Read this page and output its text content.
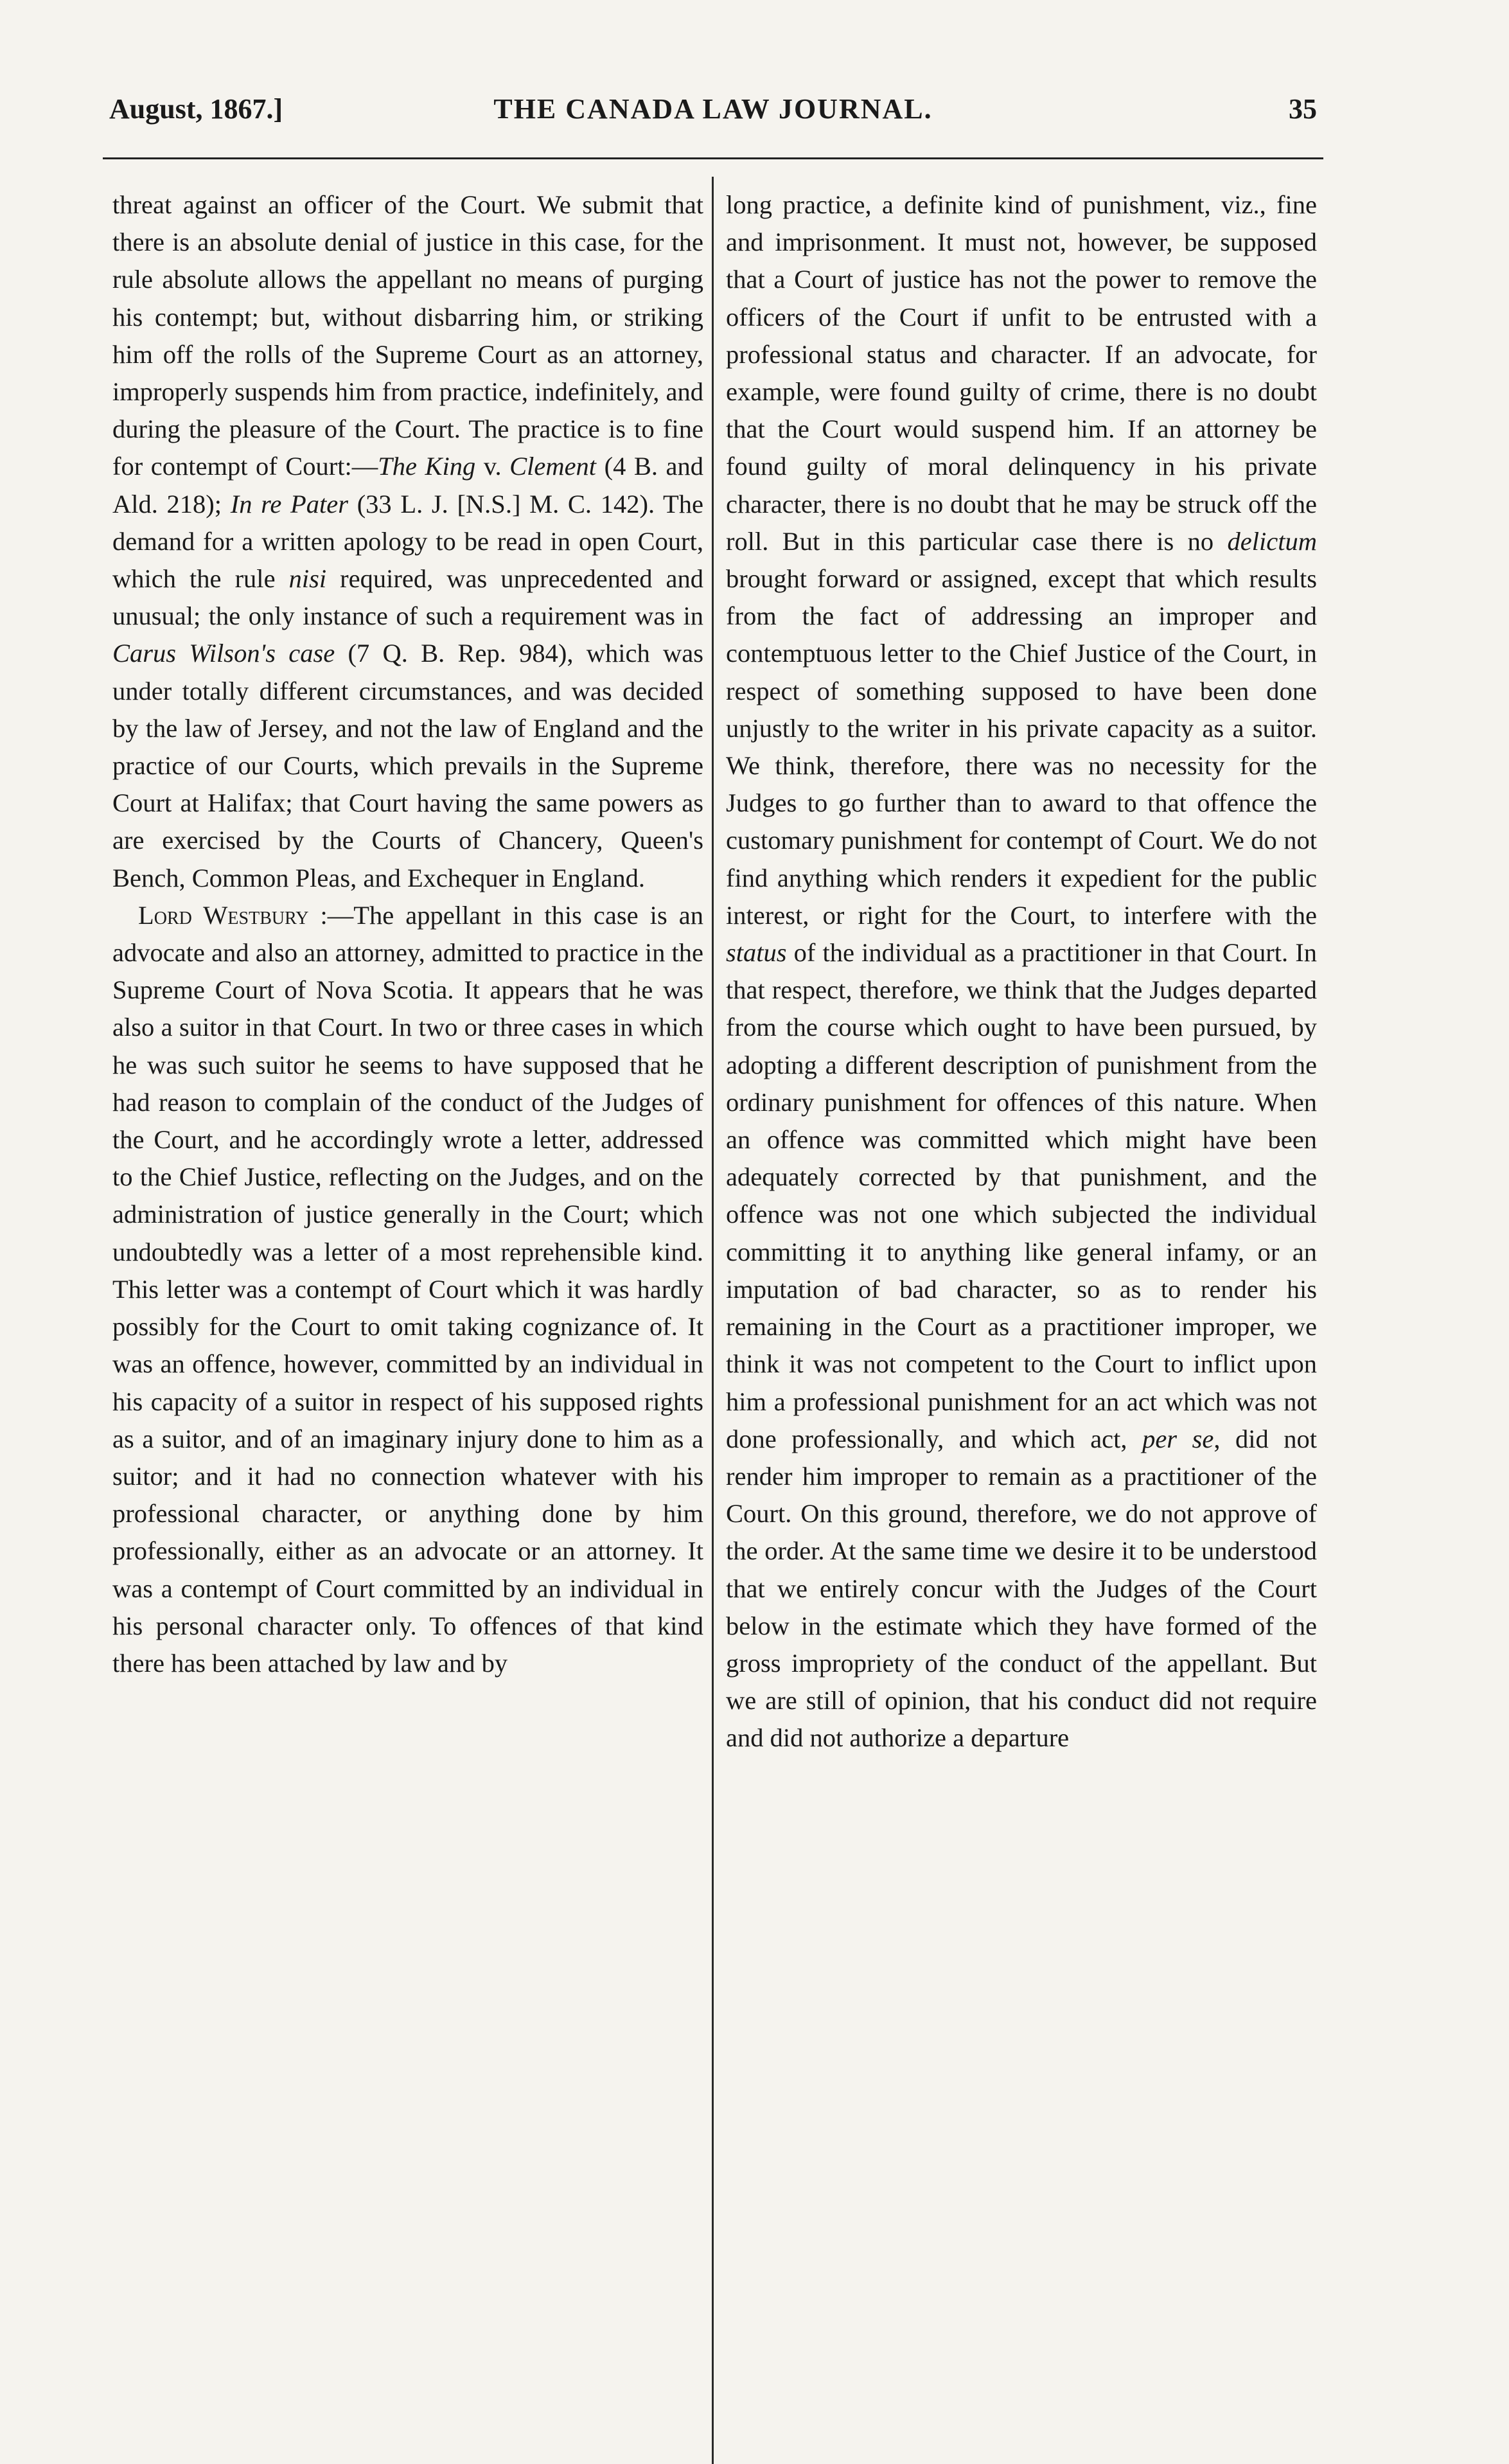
THE CANADA LAW JOURNAL.
August, 1867.]	35

threat against an officer of the Court. We submit that there is an absolute denial of justice in this case, for the rule absolute allows the appellant no means of purging his contempt; but, without disbarring him, or striking him off the rolls of the Supreme Court as an attorney, improperly suspends him from practice, indefinitely, and during the pleasure of the Court. The practice is to fine for contempt of Court:—The King v. Clement (4 B. and Ald. 218); In re Pater (33 L. J. [N.S.] M. C. 142). The demand for a written apology to be read in open Court, which the rule nisi required, was unprecedented and unusual; the only instance of such a requirement was in Carus Wilson's case (7 Q. B. Rep. 984), which was under totally different circumstances, and was decided by the law of Jersey, and not the law of England and the practice of our Courts, which prevails in the Supreme Court at Halifax; that Court having the same powers as are exercised by the Courts of Chancery, Queen's Bench, Common Pleas, and Exchequer in England.

Lord Westbury :—The appellant in this case is an advocate and also an attorney, admitted to practice in the Supreme Court of Nova Scotia. It appears that he was also a suitor in that Court. In two or three cases in which he was such suitor he seems to have supposed that he had reason to complain of the conduct of the Judges of the Court, and he accordingly wrote a letter, addressed to the Chief Justice, reflecting on the Judges, and on the administration of justice generally in the Court; which undoubtedly was a letter of a most reprehensible kind. This letter was a contempt of Court which it was hardly possibly for the Court to omit taking cognizance of. It was an offence, however, committed by an individual in his capacity of a suitor in respect of his supposed rights as a suitor, and of an imaginary injury done to him as a suitor; and it had no connection whatever with his professional character, or anything done by him professionally, either as an advocate or an attorney. It was a contempt of Court committed by an individual in his personal character only. To offences of that kind there has been attached by law and by

long practice, a definite kind of punishment, viz., fine and imprisonment. It must not, however, be supposed that a Court of justice has not the power to remove the officers of the Court if unfit to be entrusted with a professional status and character. If an advocate, for example, were found guilty of crime, there is no doubt that the Court would suspend him. If an attorney be found guilty of moral delinquency in his private character, there is no doubt that he may be struck off the roll. But in this particular case there is no delictum brought forward or assigned, except that which results from the fact of addressing an improper and contemptuous letter to the Chief Justice of the Court, in respect of something supposed to have been done unjustly to the writer in his private capacity as a suitor. We think, therefore, there was no necessity for the Judges to go further than to award to that offence the customary punishment for contempt of Court. We do not find anything which renders it expedient for the public interest, or right for the Court, to interfere with the status of the individual as a practitioner in that Court. In that respect, therefore, we think that the Judges departed from the course which ought to have been pursued, by adopting a different description of punishment from the ordinary punishment for offences of this nature. When an offence was committed which might have been adequately corrected by that punishment, and the offence was not one which subjected the individual committing it to anything like general infamy, or an imputation of bad character, so as to render his remaining in the Court as a practitioner improper, we think it was not competent to the Court to inflict upon him a professional punishment for an act which was not done professionally, and which act, per se, did not render him improper to remain as a practitioner of the Court. On this ground, therefore, we do not approve of the order. At the same time we desire it to be understood that we entirely concur with the Judges of the Court below in the estimate which they have formed of the gross impropriety of the conduct of the appellant. But we are still of opinion, that his conduct did not require and did not authorize a departure
